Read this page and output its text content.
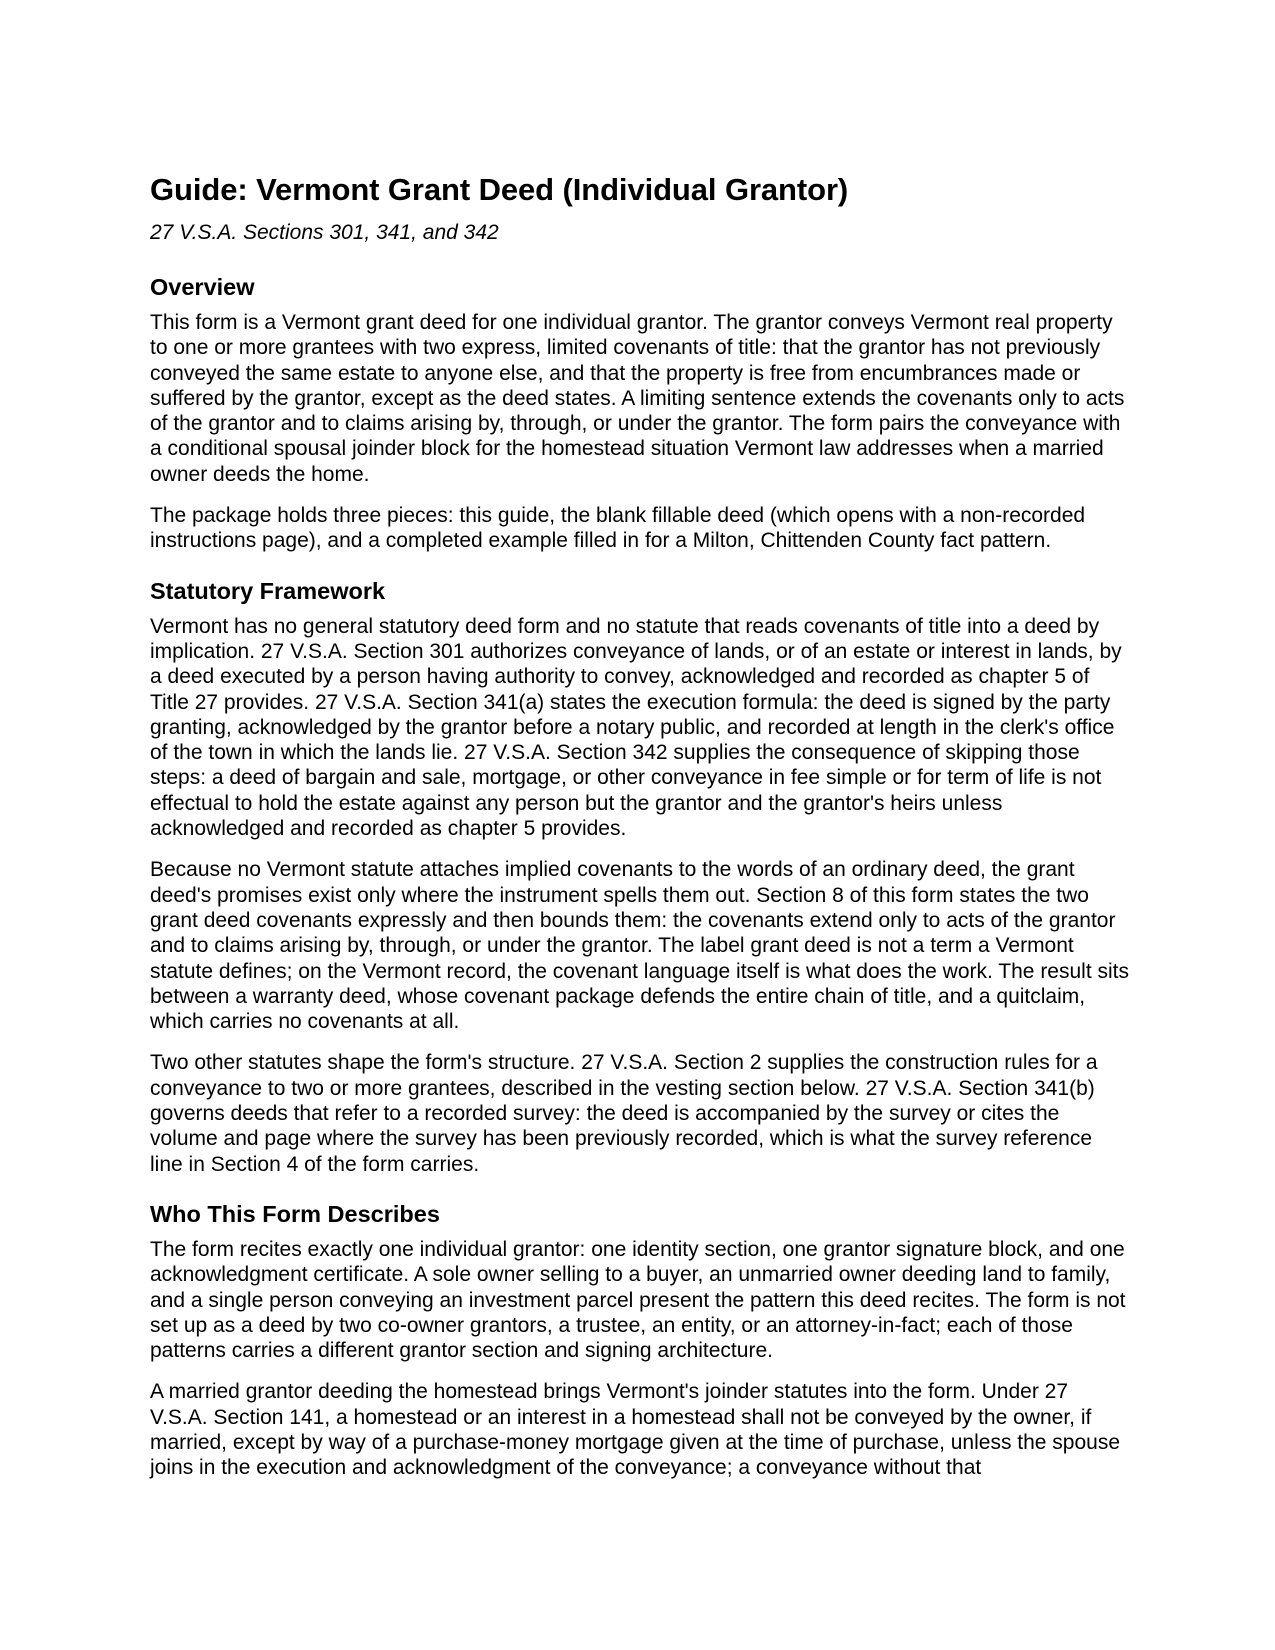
Guide: Vermont Grant Deed (Individual Grantor)
27 V.S.A. Sections 301, 341, and 342
Overview

This form is a Vermont grant deed for one individual grantor. The grantor conveys Vermont real property to one or more grantees with two express, limited covenants of title: that the grantor has not previously conveyed the same estate to anyone else, and that the property is free from encumbrances made or suffered by the grantor, except as the deed states. A limiting sentence extends the covenants only to acts of the grantor and to claims arising by, through, or under the grantor. The form pairs the conveyance with a conditional spousal joinder block for the homestead situation Vermont law addresses when a married owner deeds the home.

The package holds three pieces: this guide, the blank fillable deed (which opens with a non-recorded instructions page), and a completed example filled in for a Milton, Chittenden County fact pattern.

Statutory Framework

Vermont has no general statutory deed form and no statute that reads covenants of title into a deed by implication. 27 V.S.A. Section 301 authorizes conveyance of lands, or of an estate or interest in lands, by a deed executed by a person having authority to convey, acknowledged and recorded as chapter 5 of Title 27 provides. 27 V.S.A. Section 341(a) states the execution formula: the deed is signed by the party granting, acknowledged by the grantor before a notary public, and recorded at length in the clerk's office of the town in which the lands lie. 27 V.S.A. Section 342 supplies the consequence of skipping those steps: a deed of bargain and sale, mortgage, or other conveyance in fee simple or for term of life is not effectual to hold the estate against any person but the grantor and the grantor's heirs unless acknowledged and recorded as chapter 5 provides.

Because no Vermont statute attaches implied covenants to the words of an ordinary deed, the grant deed's promises exist only where the instrument spells them out. Section 8 of this form states the two grant deed covenants expressly and then bounds them: the covenants extend only to acts of the grantor and to claims arising by, through, or under the grantor. The label grant deed is not a term a Vermont statute defines; on the Vermont record, the covenant language itself is what does the work. The result sits between a warranty deed, whose covenant package defends the entire chain of title, and a quitclaim, which carries no covenants at all.

Two other statutes shape the form's structure. 27 V.S.A. Section 2 supplies the construction rules for a conveyance to two or more grantees, described in the vesting section below. 27 V.S.A. Section 341(b) governs deeds that refer to a recorded survey: the deed is accompanied by the survey or cites the volume and page where the survey has been previously recorded, which is what the survey reference line in Section 4 of the form carries.

Who This Form Describes

The form recites exactly one individual grantor: one identity section, one grantor signature block, and one acknowledgment certificate. A sole owner selling to a buyer, an unmarried owner deeding land to family, and a single person conveying an investment parcel present the pattern this deed recites. The form is not set up as a deed by two co-owner grantors, a trustee, an entity, or an attorney-in-fact; each of those patterns carries a different grantor section and signing architecture.

A married grantor deeding the homestead brings Vermont's joinder statutes into the form. Under 27 V.S.A. Section 141, a homestead or an interest in a homestead shall not be conveyed by the owner, if married, except by way of a purchase-money mortgage given at the time of purchase, unless the spouse joins in the execution and acknowledgment of the conveyance; a conveyance without that
